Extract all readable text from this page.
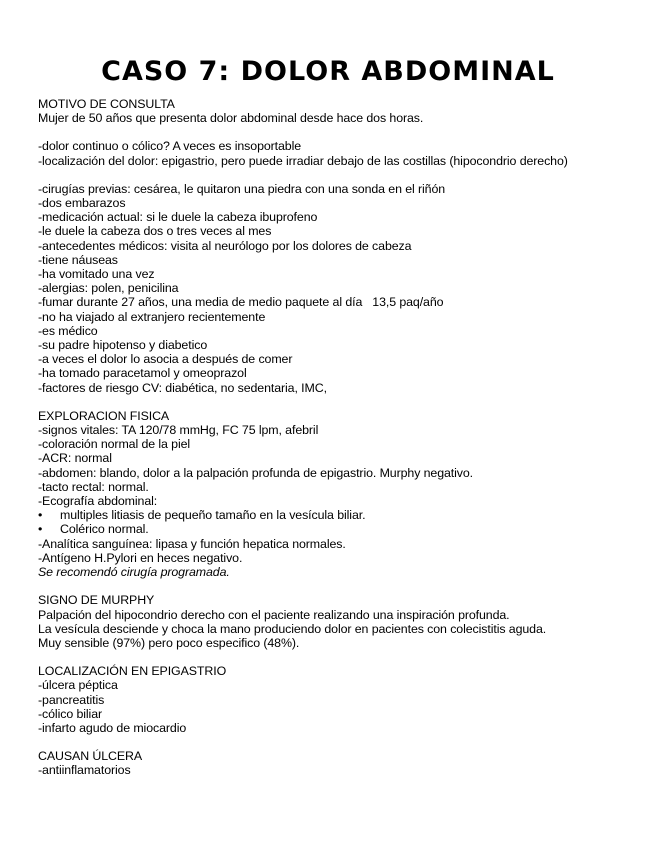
CASO 7: DOLOR ABDOMINAL
MOTIVO DE CONSULTA
Mujer de 50 años que presenta dolor abdominal desde hace dos horas.
-dolor continuo o cólico? A veces es insoportable
-localización del dolor: epigastrio, pero puede irradiar debajo de las costillas (hipocondrio derecho)
-cirugías previas: cesárea, le quitaron una piedra con una sonda en el riñón
-dos embarazos
-medicación actual: si le duele la cabeza ibuprofeno
-le duele la cabeza dos o tres veces al mes
-antecedentes médicos: visita al neurólogo por los dolores de cabeza
-tiene náuseas
-ha vomitado una vez
-alergias: polen, penicilina
-fumar durante 27 años, una media de medio paquete al día   13,5 paq/año
-no ha viajado al extranjero recientemente
-es médico
-su padre hipotenso y diabetico
-a veces el dolor lo asocia a después de comer
-ha tomado paracetamol y omeoprazol
-factores de riesgo CV: diabética, no sedentaria, IMC,
EXPLORACION FISICA
-signos vitales: TA 120/78 mmHg, FC 75 lpm, afebril
-coloración normal de la piel
-ACR: normal
-abdomen: blando, dolor a la palpación profunda de epigastrio. Murphy negativo.
-tacto rectal: normal.
-Ecografía abdominal:
•	multiples litiasis de pequeño tamaño en la vesícula biliar.
•	Colérico normal.
-Analítica sanguínea: lipasa y función hepatica normales.
-Antígeno H.Pylori en heces negativo.
Se recomendó cirugía programada.
SIGNO DE MURPHY
Palpación del hipocondrio derecho con el paciente realizando una inspiración profunda.
La vesícula desciende y choca la mano produciendo dolor en pacientes con colecistitis aguda.
Muy sensible (97%) pero poco especifico (48%).
LOCALIZACIÓN EN EPIGASTRIO
-úlcera péptica
-pancreatitis
-cólico biliar
-infarto agudo de miocardio
CAUSAN ÚLCERA
-antiinflamatorios
